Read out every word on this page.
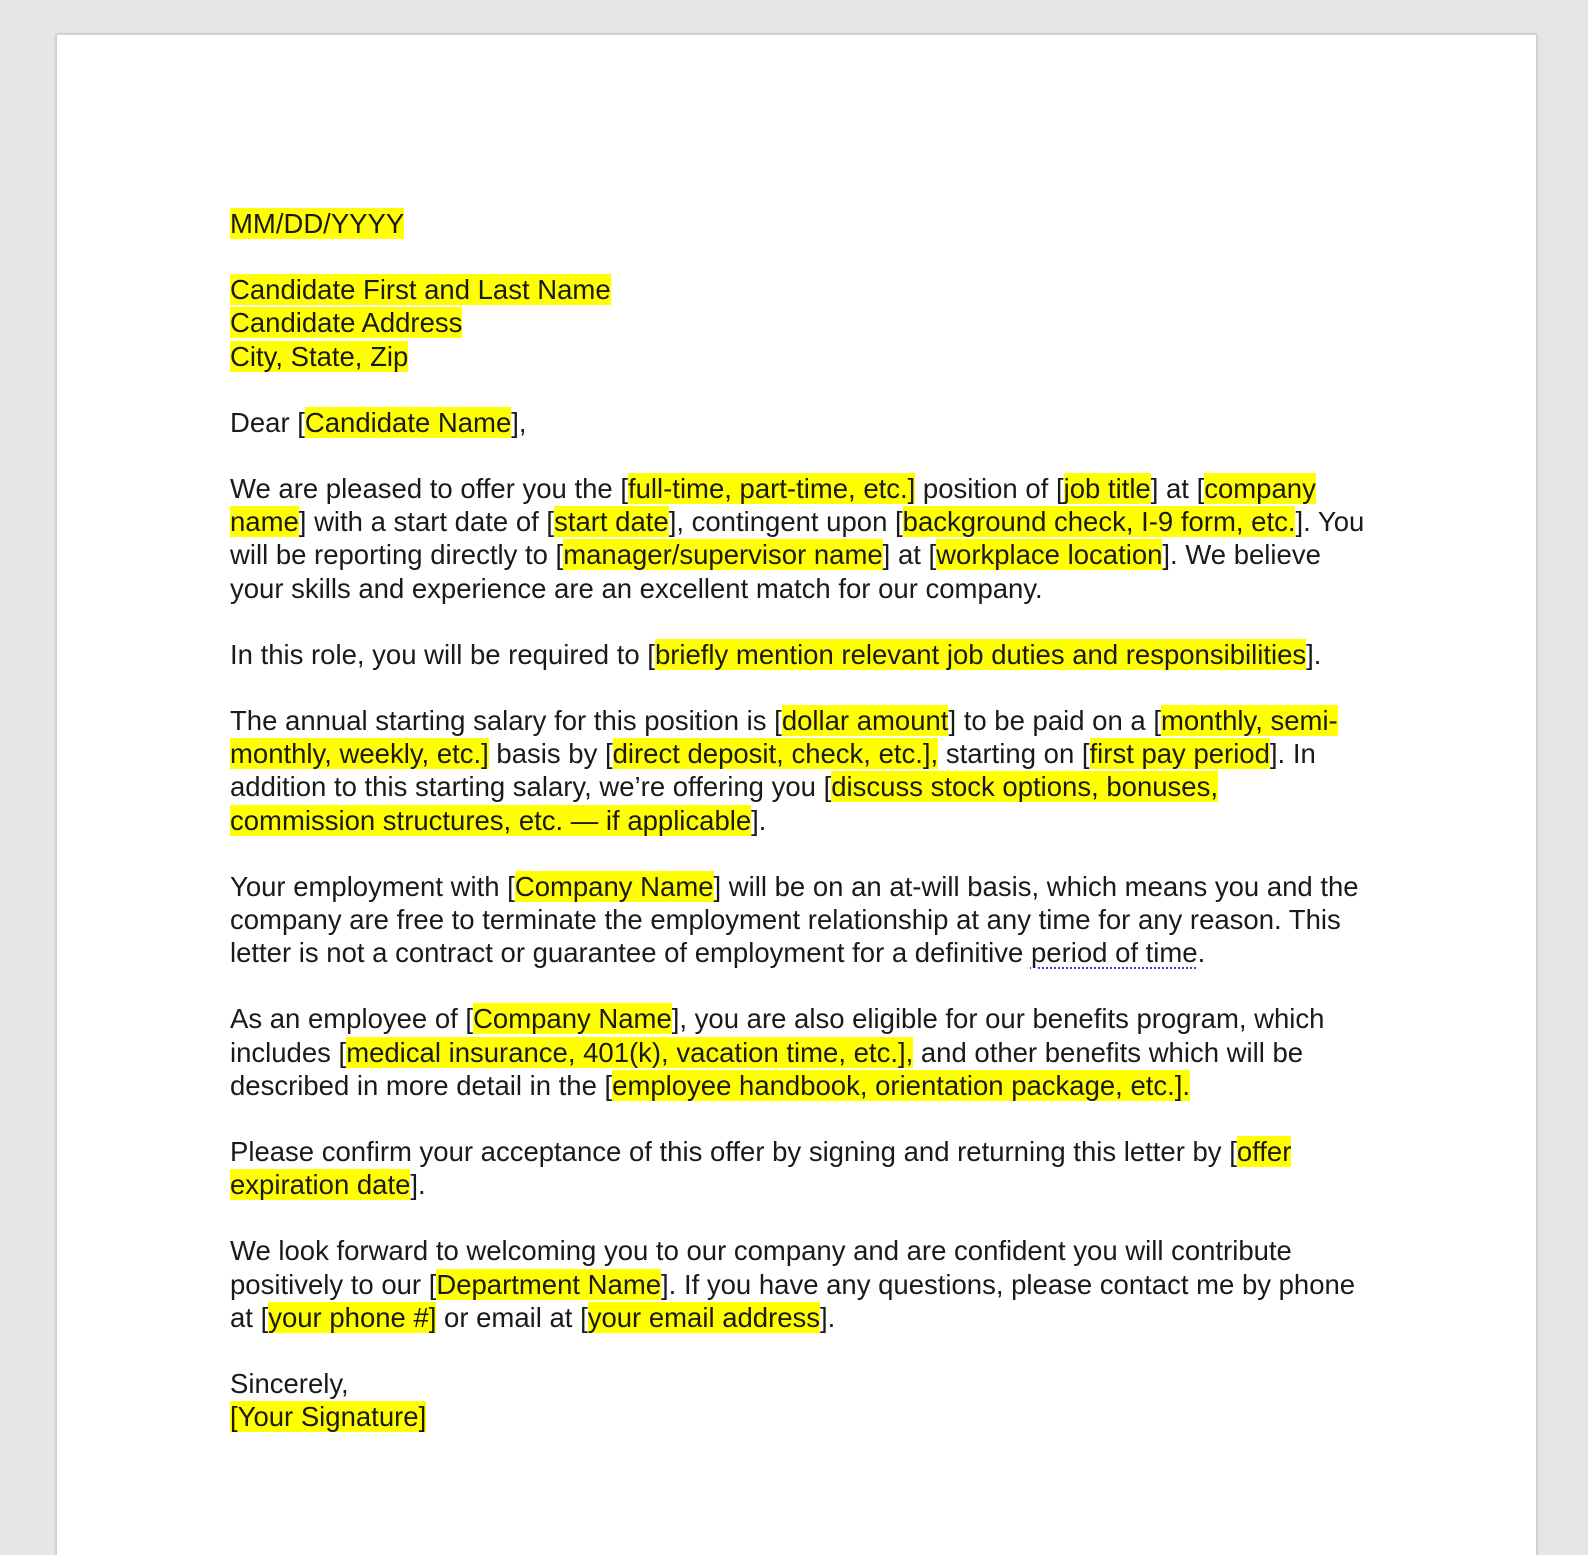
MM/DD/YYYY

Candidate First and Last Name
Candidate Address
City, State, Zip

Dear [Candidate Name],

We are pleased to offer you the [full-time, part-time, etc.] position of [job title] at [company name] with a start date of [start date], contingent upon [background check, I-9 form, etc.]. You will be reporting directly to [manager/supervisor name] at [workplace location]. We believe your skills and experience are an excellent match for our company.

In this role, you will be required to [briefly mention relevant job duties and responsibilities].

The annual starting salary for this position is [dollar amount] to be paid on a [monthly, semi-monthly, weekly, etc.] basis by [direct deposit, check, etc.], starting on [first pay period]. In addition to this starting salary, we’re offering you [discuss stock options, bonuses, commission structures, etc. — if applicable].

Your employment with [Company Name] will be on an at-will basis, which means you and the company are free to terminate the employment relationship at any time for any reason. This letter is not a contract or guarantee of employment for a definitive period of time.

As an employee of [Company Name], you are also eligible for our benefits program, which includes [medical insurance, 401(k), vacation time, etc.], and other benefits which will be described in more detail in the [employee handbook, orientation package, etc.].

Please confirm your acceptance of this offer by signing and returning this letter by [offer expiration date].

We look forward to welcoming you to our company and are confident you will contribute positively to our [Department Name]. If you have any questions, please contact me by phone at [your phone #] or email at [your email address].

Sincerely,
[Your Signature]
